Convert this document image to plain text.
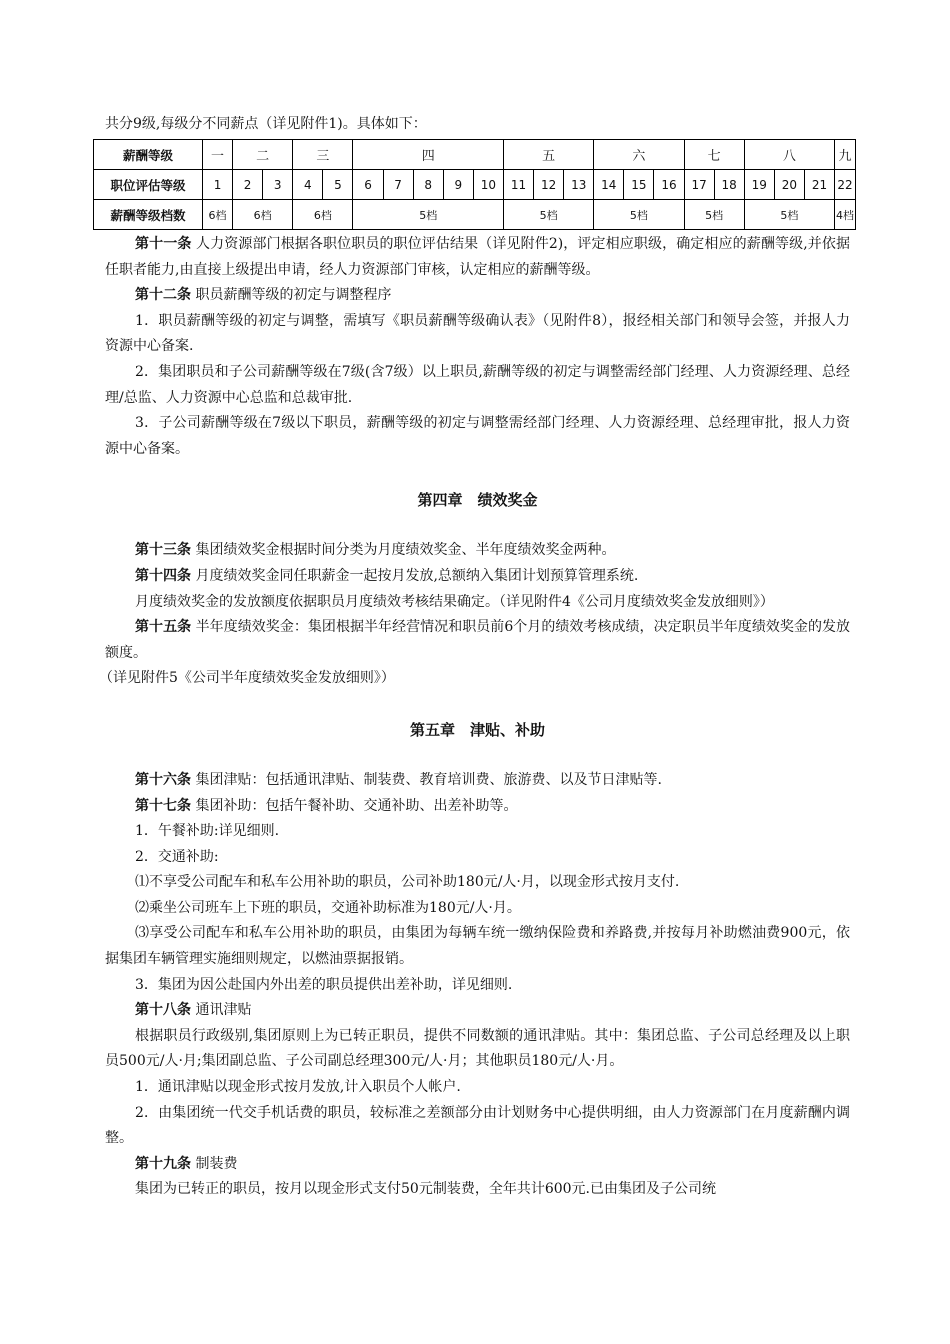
共分9级,每级分不同薪点（详见附件1)。具体如下：
薪酬等级	一	二		三		四					五			六			七		八			九
职位评估等级	1	2	3	4	5	6	7	8	9	10	11	12	13	14	15	16	17	18	19	20	21	22
薪酬等级档数	6档	6档		6档		5档					5档			5档			5档		5档			4档

第十一条 人力资源部门根据各职位职员的职位评估结果（详见附件2)，评定相应职级，确定相应的薪酬等级,并依据任职者能力,由直接上级提出申请，经人力资源部门审核，认定相应的薪酬等级。

第十二条 职员薪酬等级的初定与调整程序

1．职员薪酬等级的初定与调整，需填写《职员薪酬等级确认表》（见附件8），报经相关部门和领导会签，并报人力资源中心备案.

2．集团职员和子公司薪酬等级在7级(含7级）以上职员,薪酬等级的初定与调整需经部门经理、人力资源经理、总经理/总监、人力资源中心总监和总裁审批.

3．子公司薪酬等级在7级以下职员，薪酬等级的初定与调整需经部门经理、人力资源经理、总经理审批，报人力资源中心备案。

第四章　绩效奖金

第十三条 集团绩效奖金根据时间分类为月度绩效奖金、半年度绩效奖金两种。

第十四条 月度绩效奖金同任职薪金一起按月发放,总额纳入集团计划预算管理系统.

月度绩效奖金的发放额度依据职员月度绩效考核结果确定。（详见附件4《公司月度绩效奖金发放细则》）

第十五条 半年度绩效奖金：集团根据半年经营情况和职员前6个月的绩效考核成绩，决定职员半年度绩效奖金的发放额度。

（详见附件5《公司半年度绩效奖金发放细则》）

第五章　津贴、补助

第十六条 集团津贴：包括通讯津贴、制装费、教育培训费、旅游费、以及节日津贴等.

第十七条 集团补助：包括午餐补助、交通补助、出差补助等。

1．午餐补助:详见细则.

2．交通补助:

⑴不享受公司配车和私车公用补助的职员，公司补助180元/人·月，以现金形式按月支付.

⑵乘坐公司班车上下班的职员，交通补助标准为180元/人·月。

⑶享受公司配车和私车公用补助的职员，由集团为每辆车统一缴纳保险费和养路费,并按每月补助燃油费900元，依据集团车辆管理实施细则规定，以燃油票据报销。

3．集团为因公赴国内外出差的职员提供出差补助，详见细则.

第十八条 通讯津贴

根据职员行政级别,集团原则上为已转正职员，提供不同数额的通讯津贴。其中：集团总监、子公司总经理及以上职员500元/人·月;集团副总监、子公司副总经理300元/人·月；其他职员180元/人·月。

1．通讯津贴以现金形式按月发放,计入职员个人帐户.

2．由集团统一代交手机话费的职员，较标准之差额部分由计划财务中心提供明细，由人力资源部门在月度薪酬内调整。

第十九条 制装费

集团为已转正的职员，按月以现金形式支付50元制装费，全年共计600元.已由集团及子公司统
